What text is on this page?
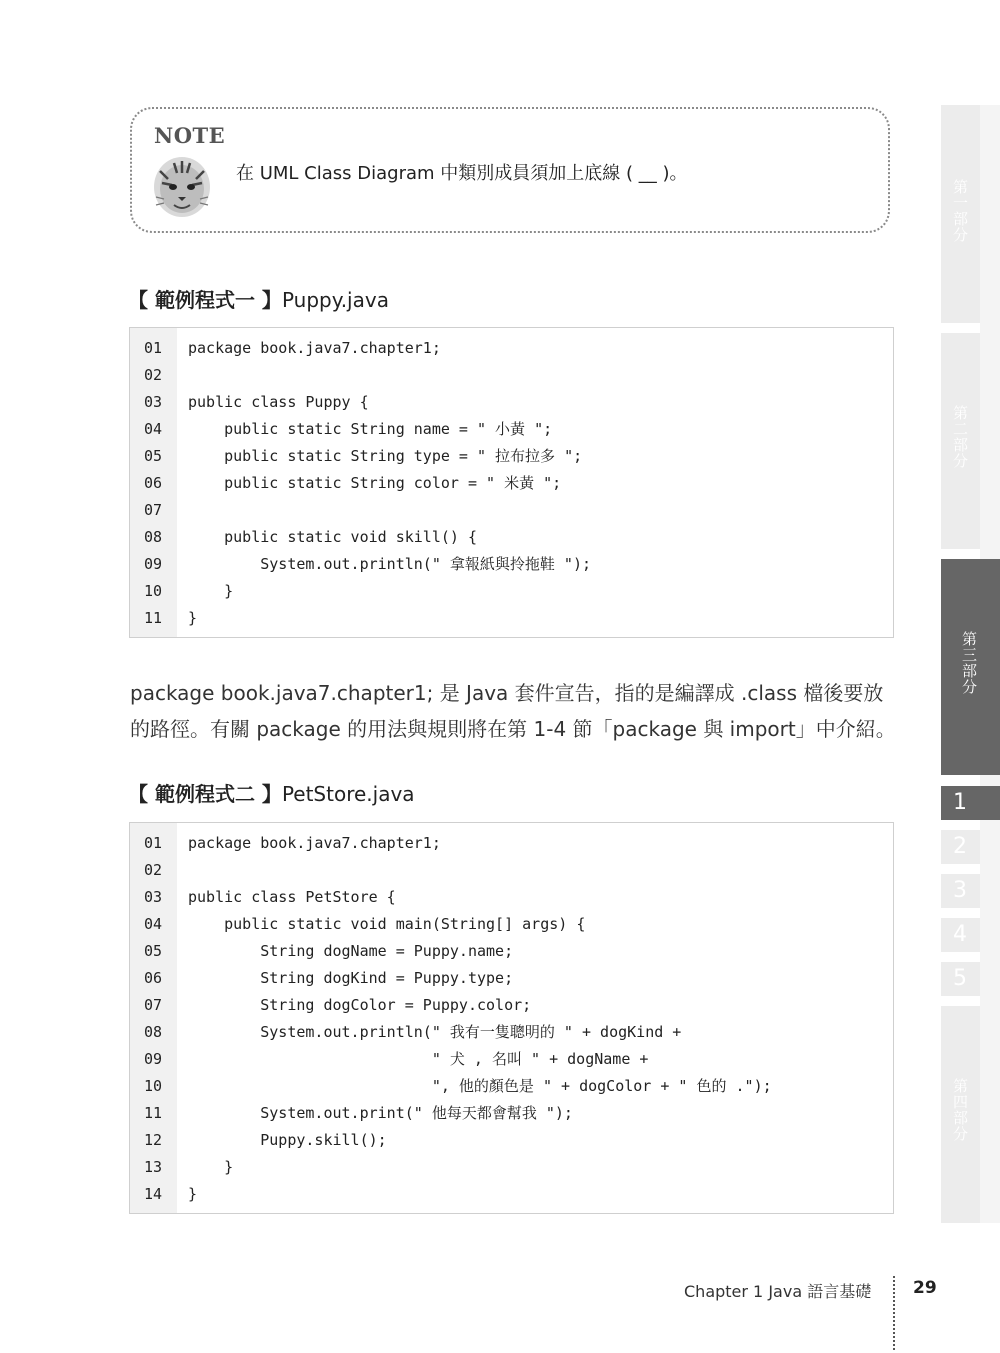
NOTE
在 UML Class Diagram 中類別成員須加上底線 ( __ )。
【 範例程式一 】Puppy.java
01	package book.java7.chapter1;
02
03	public class Puppy {
04	public static String name = " 小黃 ";
05	public static String type = " 拉布拉多 ";
06	public static String color = " 米黃 ";
07
08	public static void skill() {
09	System.out.println(" 拿報紙與拎拖鞋 ");
10	}
11	}

package book.java7.chapter1; 是 Java 套件宣告，指的是編譯成 .class 檔後要放

的路徑。有關 package 的用法與規則將在第 1-4 節「package 與 import」中介紹。

【 範例程式二 】PetStore.java
01	package book.java7.chapter1;
02
03	public class PetStore {
04	public static void main(String[] args) {
05	String dogName = Puppy.name;
06	String dogKind = Puppy.type;
07	String dogColor = Puppy.color;
08	System.out.println(" 我有一隻聰明的 " + dogKind +
09	" 犬 , 名叫 " + dogName +
10	", 他的顏色是 " + dogColor + " 色的 .");
11	System.out.print(" 他每天都會幫我 ");
12	Puppy.skill();
13	}
14	}
第一部分
第二部分
第三部分
1
2
3
4
5
第四部分
Chapter 1 Java 語言基礎 29
